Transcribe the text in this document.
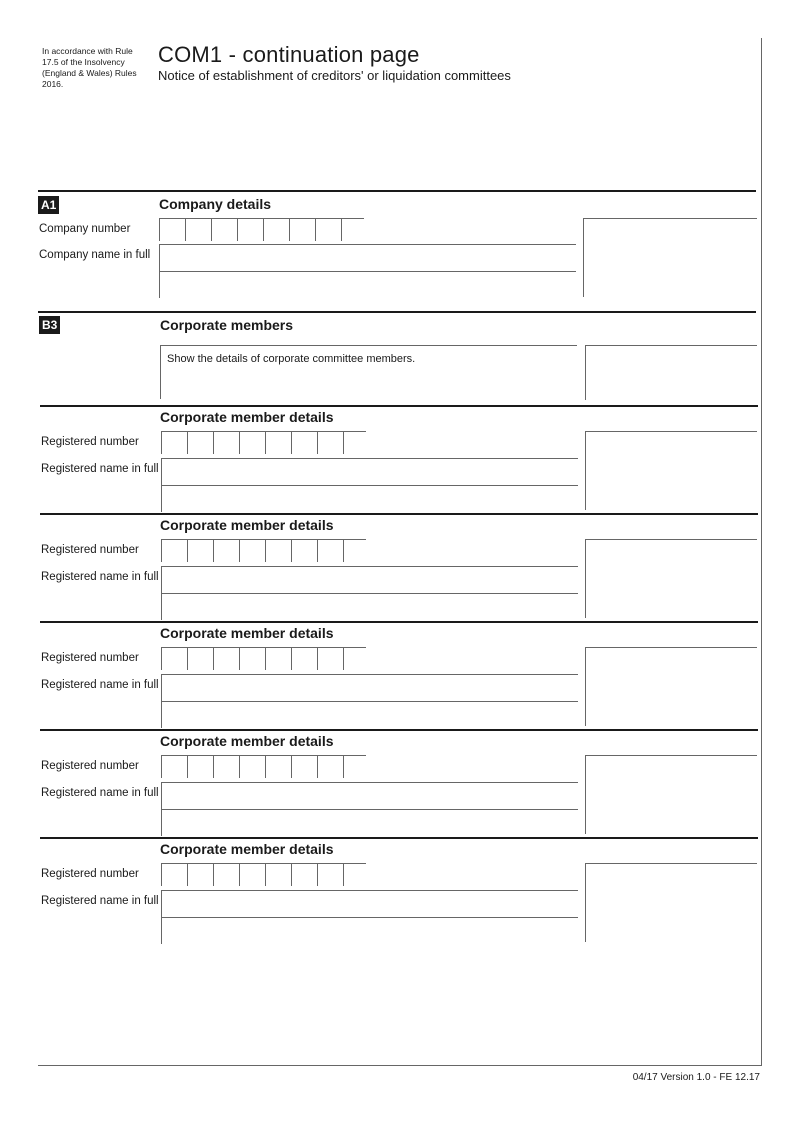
In accordance with Rule 17.5 of the Insolvency (England & Wales) Rules 2016.
COM1 - continuation page
Notice of establishment of creditors' or liquidation committees
A1	Company details
Company number
Company name in full
B3	Corporate members
Show the details of corporate committee members.
Corporate member details
Registered number
Registered name in full
Corporate member details
Registered number
Registered name in full
Corporate member details
Registered number
Registered name in full
Corporate member details
Registered number
Registered name in full
Corporate member details
Registered number
Registered name in full
04/17 Version 1.0 - FE 12.17
